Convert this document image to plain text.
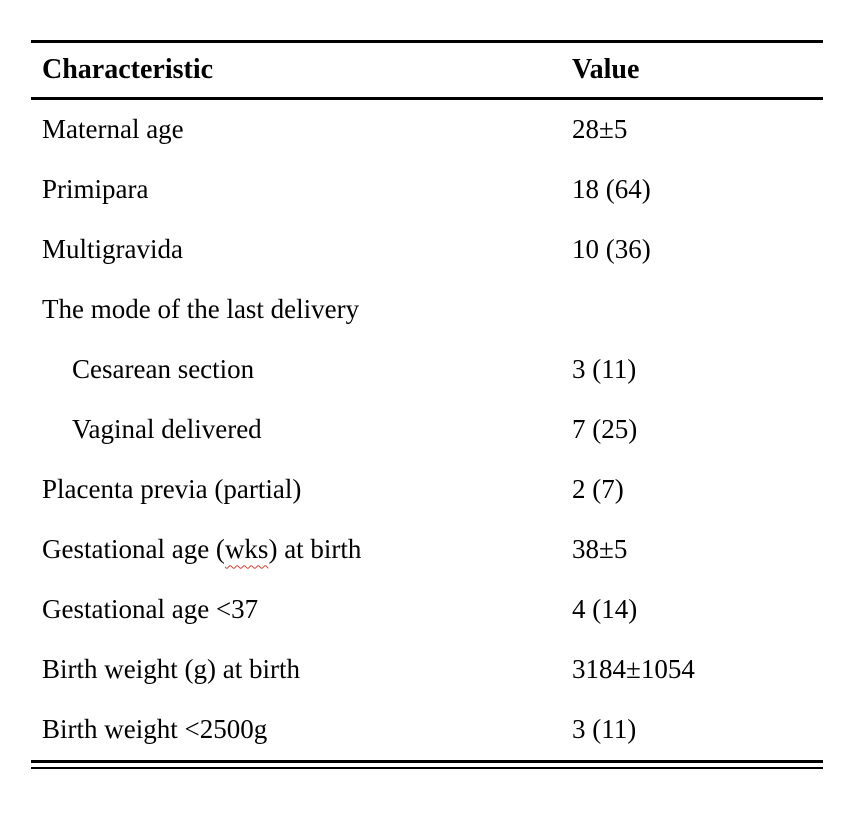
Characteristic	Value
Maternal age	28±5
Primipara	18 (64)
Multigravida	10 (36)
The mode of the last delivery
Cesarean section	3 (11)
Vaginal delivered	7 (25)
Placenta previa (partial)	2 (7)
Gestational age (wks) at birth	38±5
Gestational age <37	4 (14)
Birth weight (g) at birth	3184±1054
Birth weight <2500g	3 (11)
